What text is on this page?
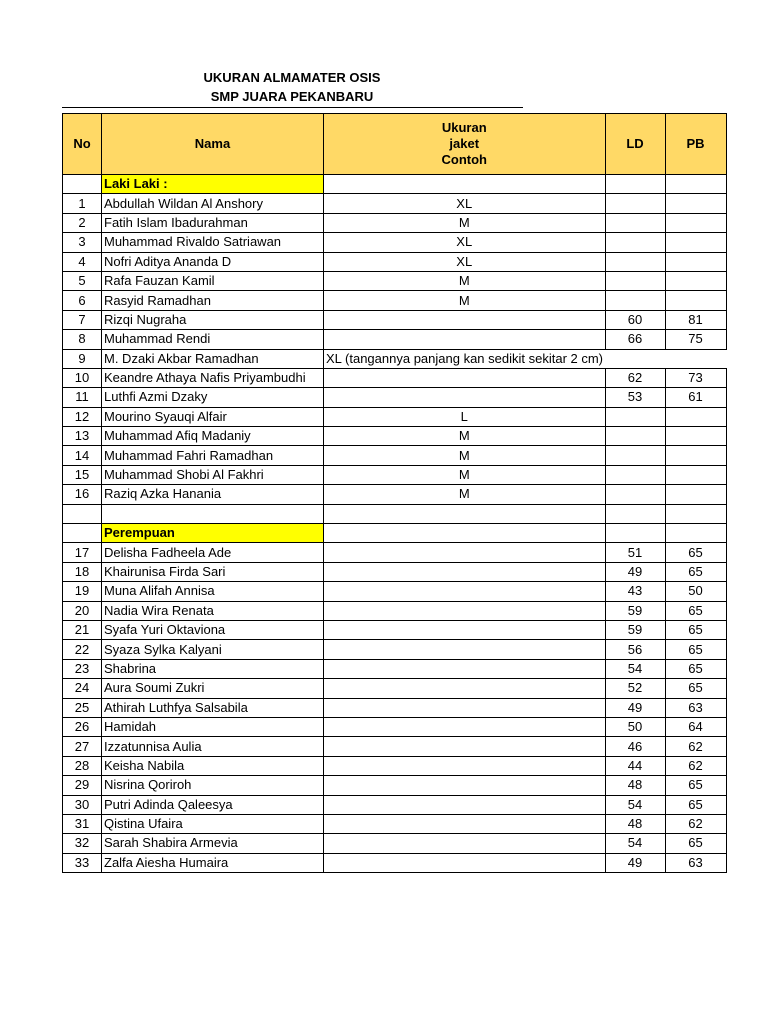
UKURAN ALMAMATER OSIS
SMP JUARA PEKANBARU
No	Nama	Ukuran jaket Contoh	LD	PB
	Laki Laki :			
1	Abdullah Wildan Al Anshory	XL		
2	Fatih Islam Ibadurahman	M		
3	Muhammad Rivaldo Satriawan	XL		
4	Nofri Aditya Ananda D	XL		
5	Rafa Fauzan Kamil	M		
6	Rasyid Ramadhan	M		
7	Rizqi Nugraha		60	81
8	Muhammad Rendi		66	75
9	M. Dzaki Akbar Ramadhan	XL (tangannya panjang kan sedikit sekitar 2 cm)		
10	Keandre Athaya Nafis Priyambudhi		62	73
11	Luthfi Azmi Dzaky		53	61
12	Mourino Syauqi Alfair	L		
13	Muhammad Afiq Madaniy	M		
14	Muhammad Fahri Ramadhan	M		
15	Muhammad Shobi Al Fakhri	M		
16	Raziq Azka Hanania	M		

	Perempuan			
17	Delisha Fadheela Ade		51	65
18	Khairunisa Firda Sari		49	65
19	Muna Alifah Annisa		43	50
20	Nadia Wira Renata		59	65
21	Syafa Yuri Oktaviona		59	65
22	Syaza Sylka Kalyani		56	65
23	Shabrina		54	65
24	Aura Soumi Zukri		52	65
25	Athirah Luthfya Salsabila		49	63
26	Hamidah		50	64
27	Izzatunnisa Aulia		46	62
28	Keisha Nabila		44	62
29	Nisrina Qoriroh		48	65
30	Putri Adinda Qaleesya		54	65
31	Qistina Ufaira		48	62
32	Sarah Shabira Armevia		54	65
33	Zalfa Aiesha Humaira		49	63
